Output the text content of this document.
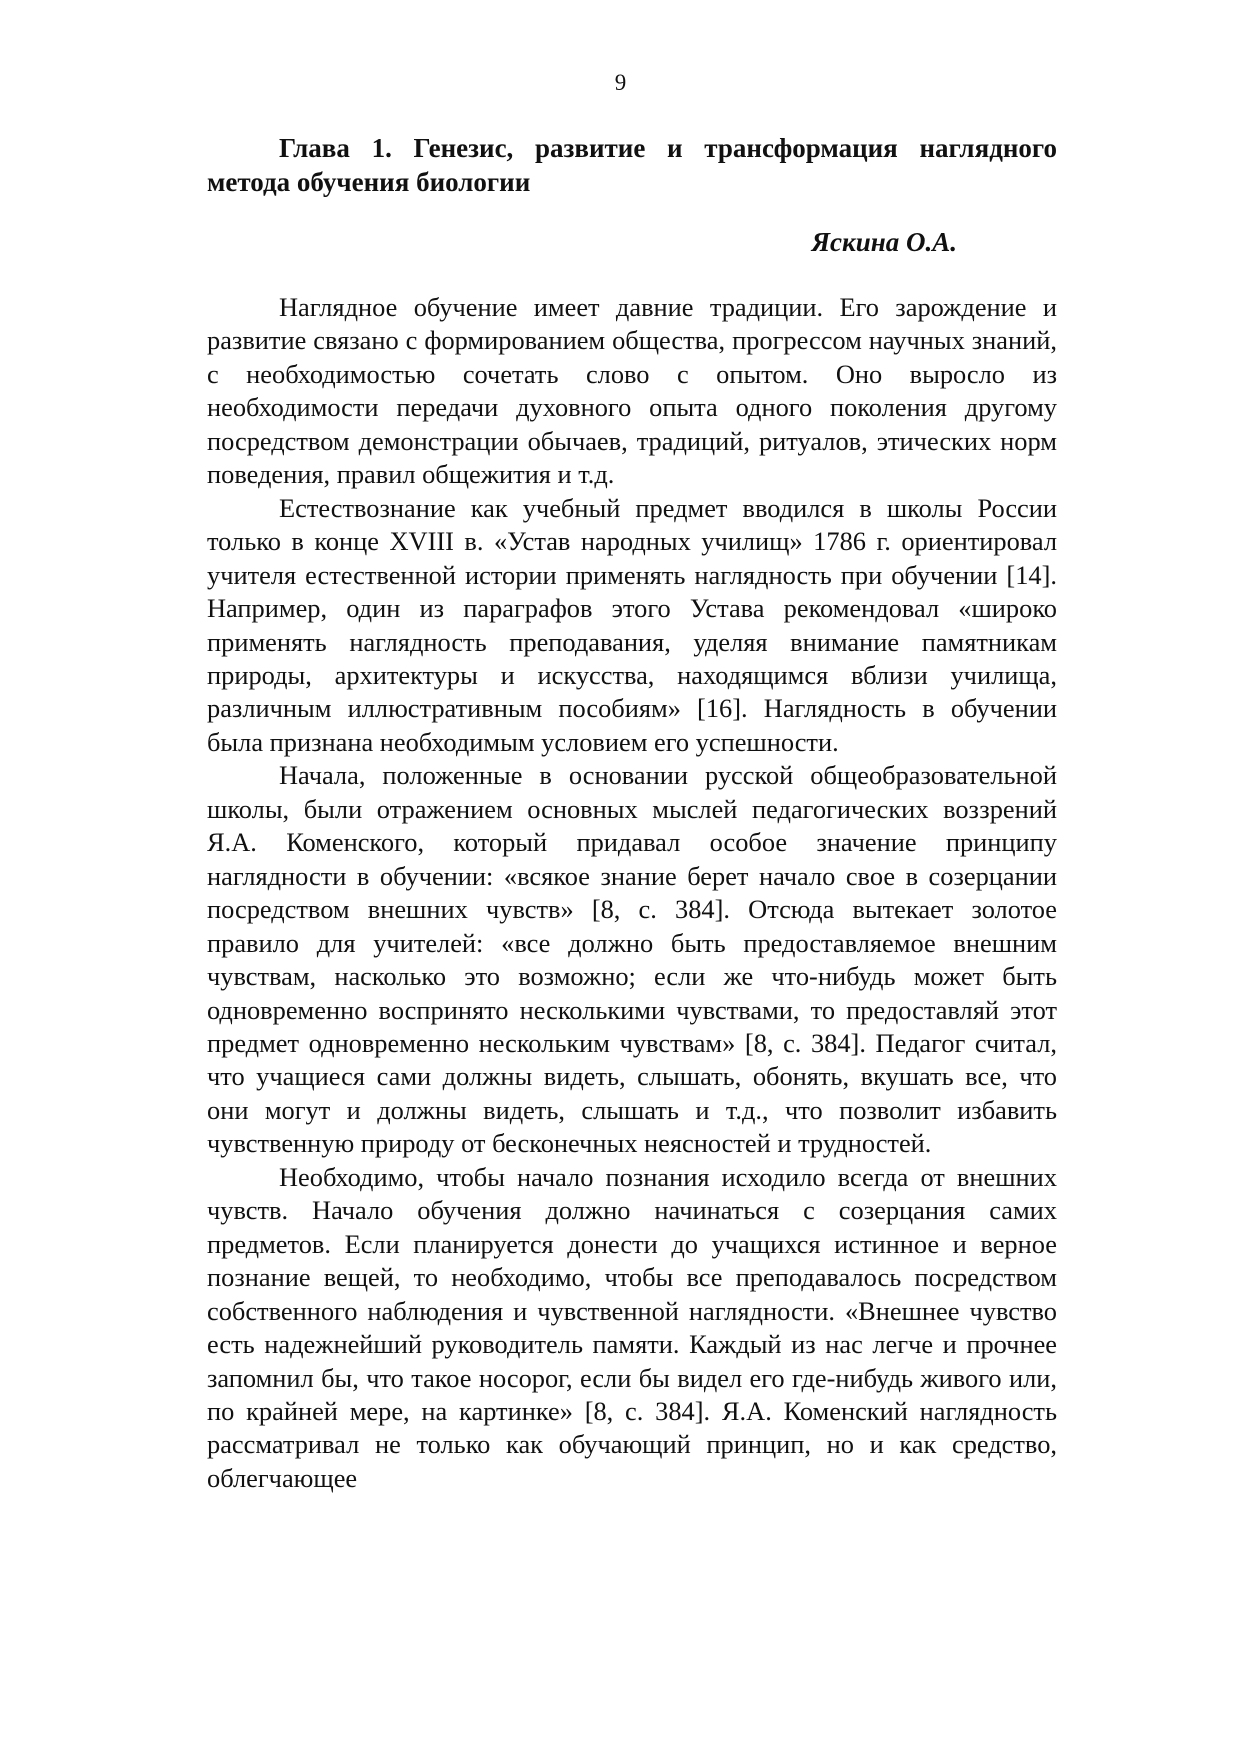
9
Глава 1. Генезис, развитие и трансформация наглядного метода обучения биологии
Яскина О.А.

Наглядное обучение имеет давние традиции. Его зарождение и развитие связано с формированием общества, прогрессом научных знаний, с необходимостью сочетать слово с опытом. Оно выросло из необходимости передачи духовного опыта одного поколения другому посредством демонстрации обычаев, традиций, ритуалов, этических норм поведения, правил общежития и т.д.

Естествознание как учебный предмет вводился в школы России только в конце XVIII в. «Устав народных училищ» 1786 г. ориентировал учителя естественной истории применять наглядность при обучении [14]. Например, один из параграфов этого Устава рекомендовал «широко применять наглядность преподавания, уделяя внимание памятникам природы, архитектуры и искусства, находящимся вблизи училища, различным иллюстративным пособиям» [16]. Наглядность в обучении была признана необходимым условием его успешности.

Начала, положенные в основании русской общеобразовательной школы, были отражением основных мыслей педагогических воззрений Я.А. Коменского, который придавал особое значение принципу наглядности в обучении: «всякое знание берет начало свое в созерцании посредством внешних чувств» [8, с. 384]. Отсюда вытекает золотое правило для учителей: «все должно быть предоставляемое внешним чувствам, насколько это возможно; если же что-нибудь может быть одновременно воспринято несколькими чувствами, то предоставляй этот предмет одновременно нескольким чувствам» [8, с. 384]. Педагог считал, что учащиеся сами должны видеть, слышать, обонять, вкушать все, что они могут и должны видеть, слышать и т.д., что позволит избавить чувственную природу от бесконечных неясностей и трудностей.

Необходимо, чтобы начало познания исходило всегда от внешних чувств. Начало обучения должно начинаться с созерцания самих предметов. Если планируется донести до учащихся истинное и верное познание вещей, то необходимо, чтобы все преподавалось посредством собственного наблюдения и чувственной наглядности. «Внешнее чувство есть надежнейший руководитель памяти. Каждый из нас легче и прочнее запомнил бы, что такое носорог, если бы видел его где-нибудь живого или, по крайней мере, на картинке» [8, с. 384]. Я.А. Коменский наглядность рассматривал не только как обучающий принцип, но и как средство, облегчающее
